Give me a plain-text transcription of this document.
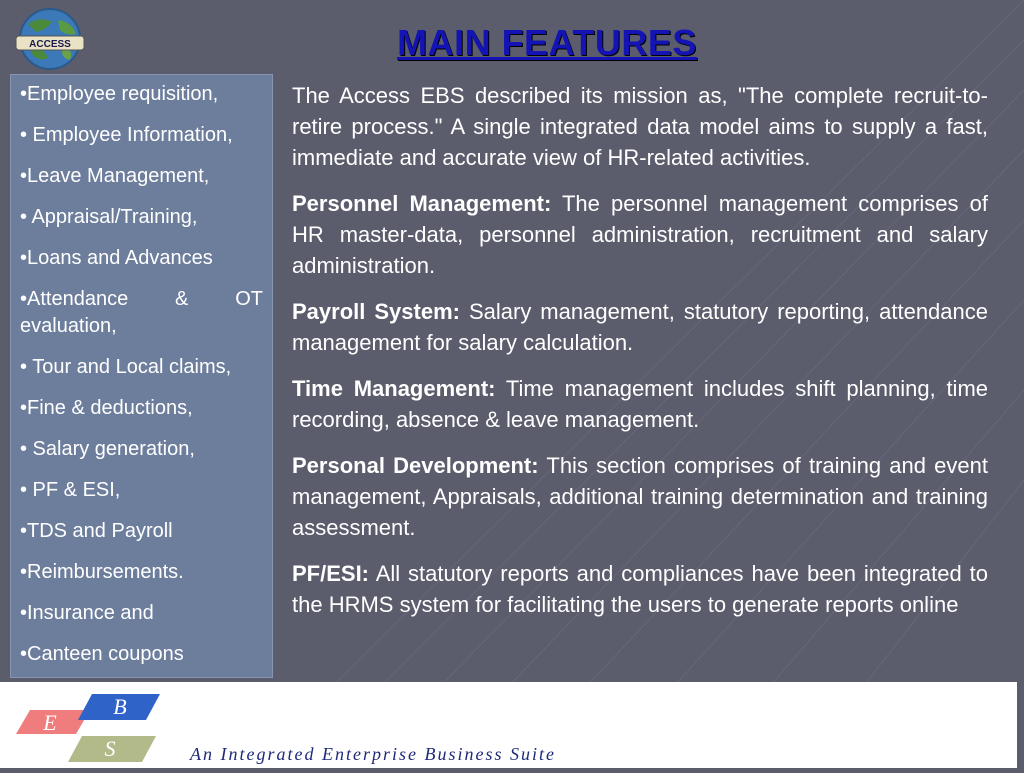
ACCESS	MAIN FEATURES
•Employee requisition,
• Employee Information,
•Leave Management,
• Appraisal/Training,
•Loans and Advances
•Attendance & OT evaluation,
• Tour and Local claims,
•Fine & deductions,
• Salary generation,
• PF & ESI,
•TDS and Payroll
•Reimbursements.
•Insurance and
•Canteen coupons

The Access EBS described its mission as, "The complete recruit-to-retire process." A single integrated data model aims to supply a fast, immediate and accurate view of HR-related activities.

Personnel Management: The personnel management comprises of HR master-data, personnel administration, recruitment and salary administration.

Payroll System: Salary management, statutory reporting, attendance management for salary calculation.

Time Management: Time management includes shift planning, time recording, absence & leave management.

Personal Development: This section comprises of training and event management, Appraisals, additional training determination and training assessment.

PF/ESI: All statutory reports and compliances have been integrated to the HRMS system for facilitating the users to generate reports online

E
B
S	An Integrated Enterprise Business Suite
